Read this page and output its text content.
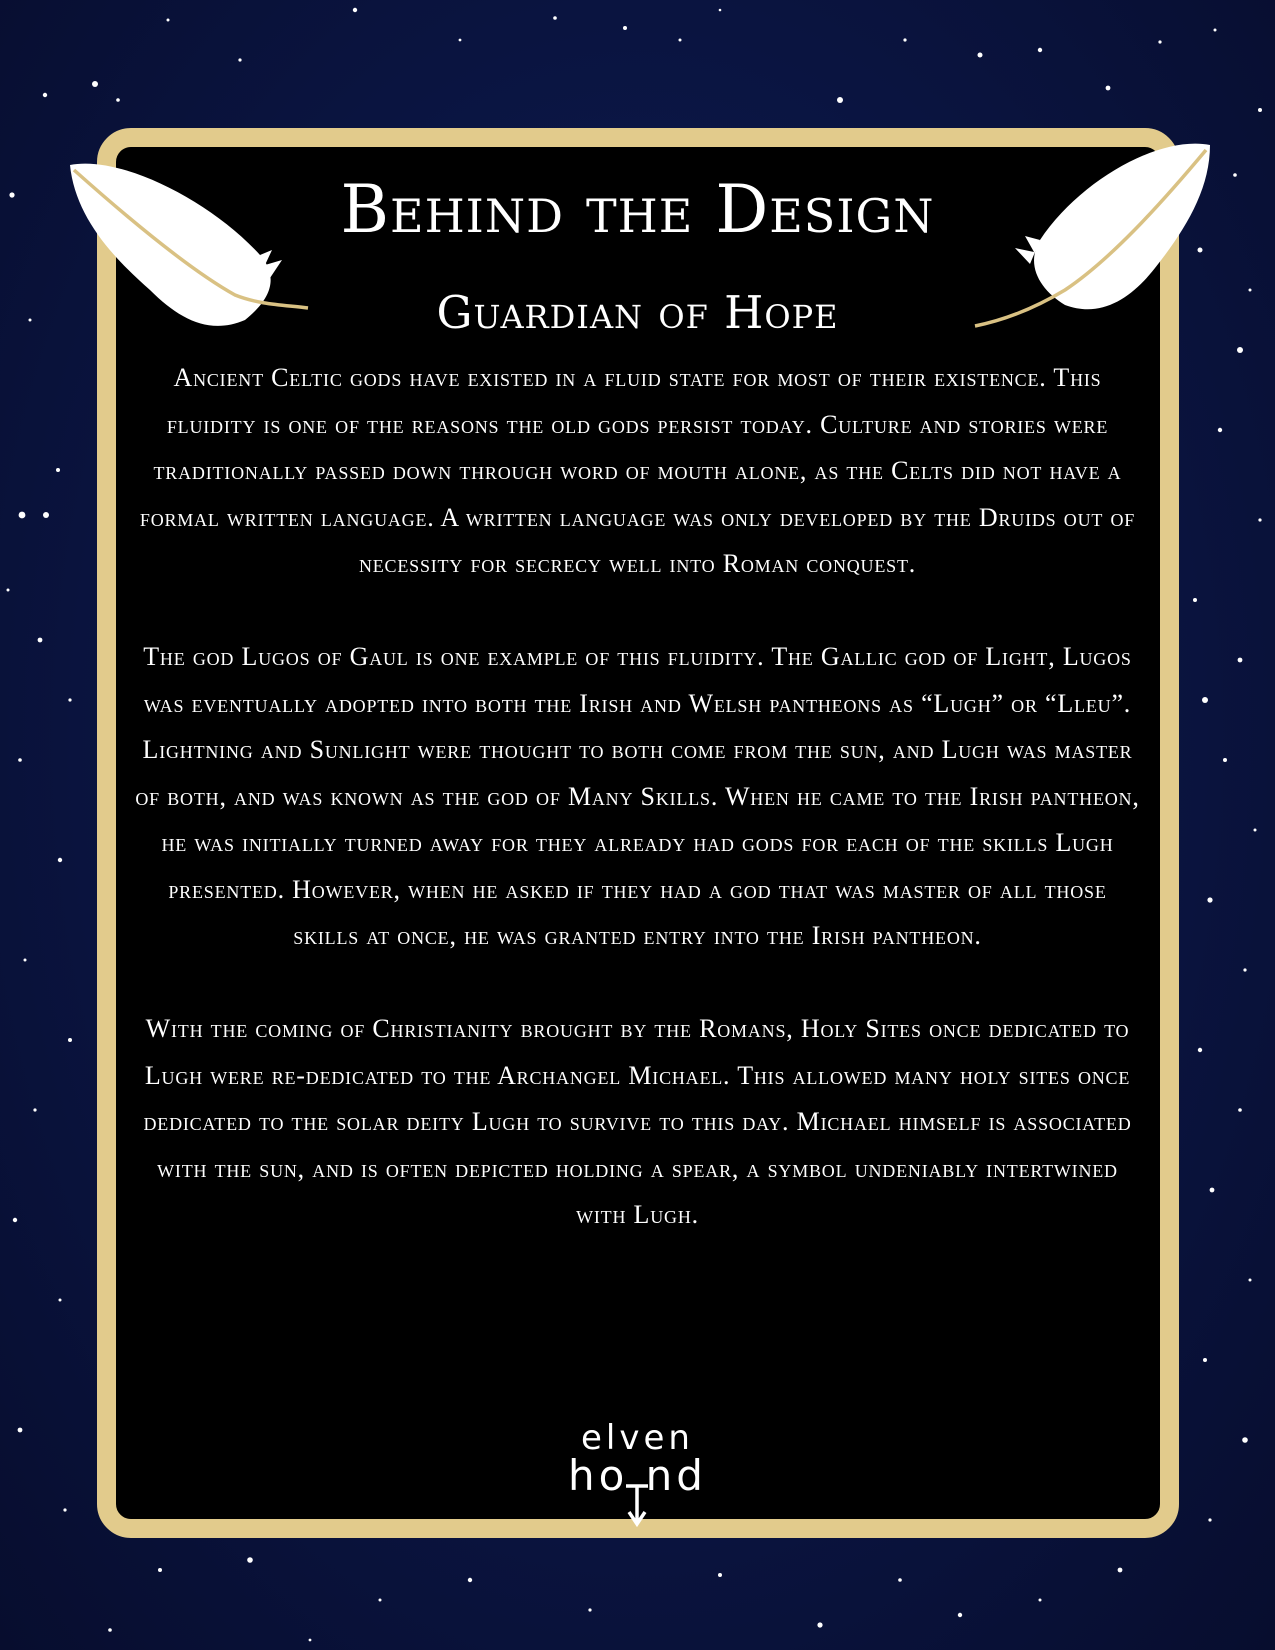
Behind the Design
Guardian of Hope

Ancient Celtic gods have existed in a fluid state for most of their existence. This fluidity is one of the reasons the old gods persist today. Culture and stories were traditionally passed down through word of mouth alone, as the Celts did not have a formal written language. A written language was only developed by the Druids out of necessity for secrecy well into Roman conquest.

The god Lugos of Gaul is one example of this fluidity. The Gallic god of Light, Lugos was eventually adopted into both the Irish and Welsh pantheons as “Lugh” or “Lleu”. Lightning and Sunlight were thought to both come from the sun, and Lugh was master of both, and was known as the god of Many Skills. When he came to the Irish pantheon, he was initially turned away for they already had gods for each of the skills Lugh presented. However, when he asked if they had a god that was master of all those skills at once, he was granted entry into the Irish pantheon.

With the coming of Christianity brought by the Romans, Holy Sites once dedicated to Lugh were re-dedicated to the Archangel Michael. This allowed many holy sites once dedicated to the solar deity Lugh to survive to this day. Michael himself is associated with the sun, and is often depicted holding a spear, a symbol undeniably intertwined with Lugh.

elven
ho nd
